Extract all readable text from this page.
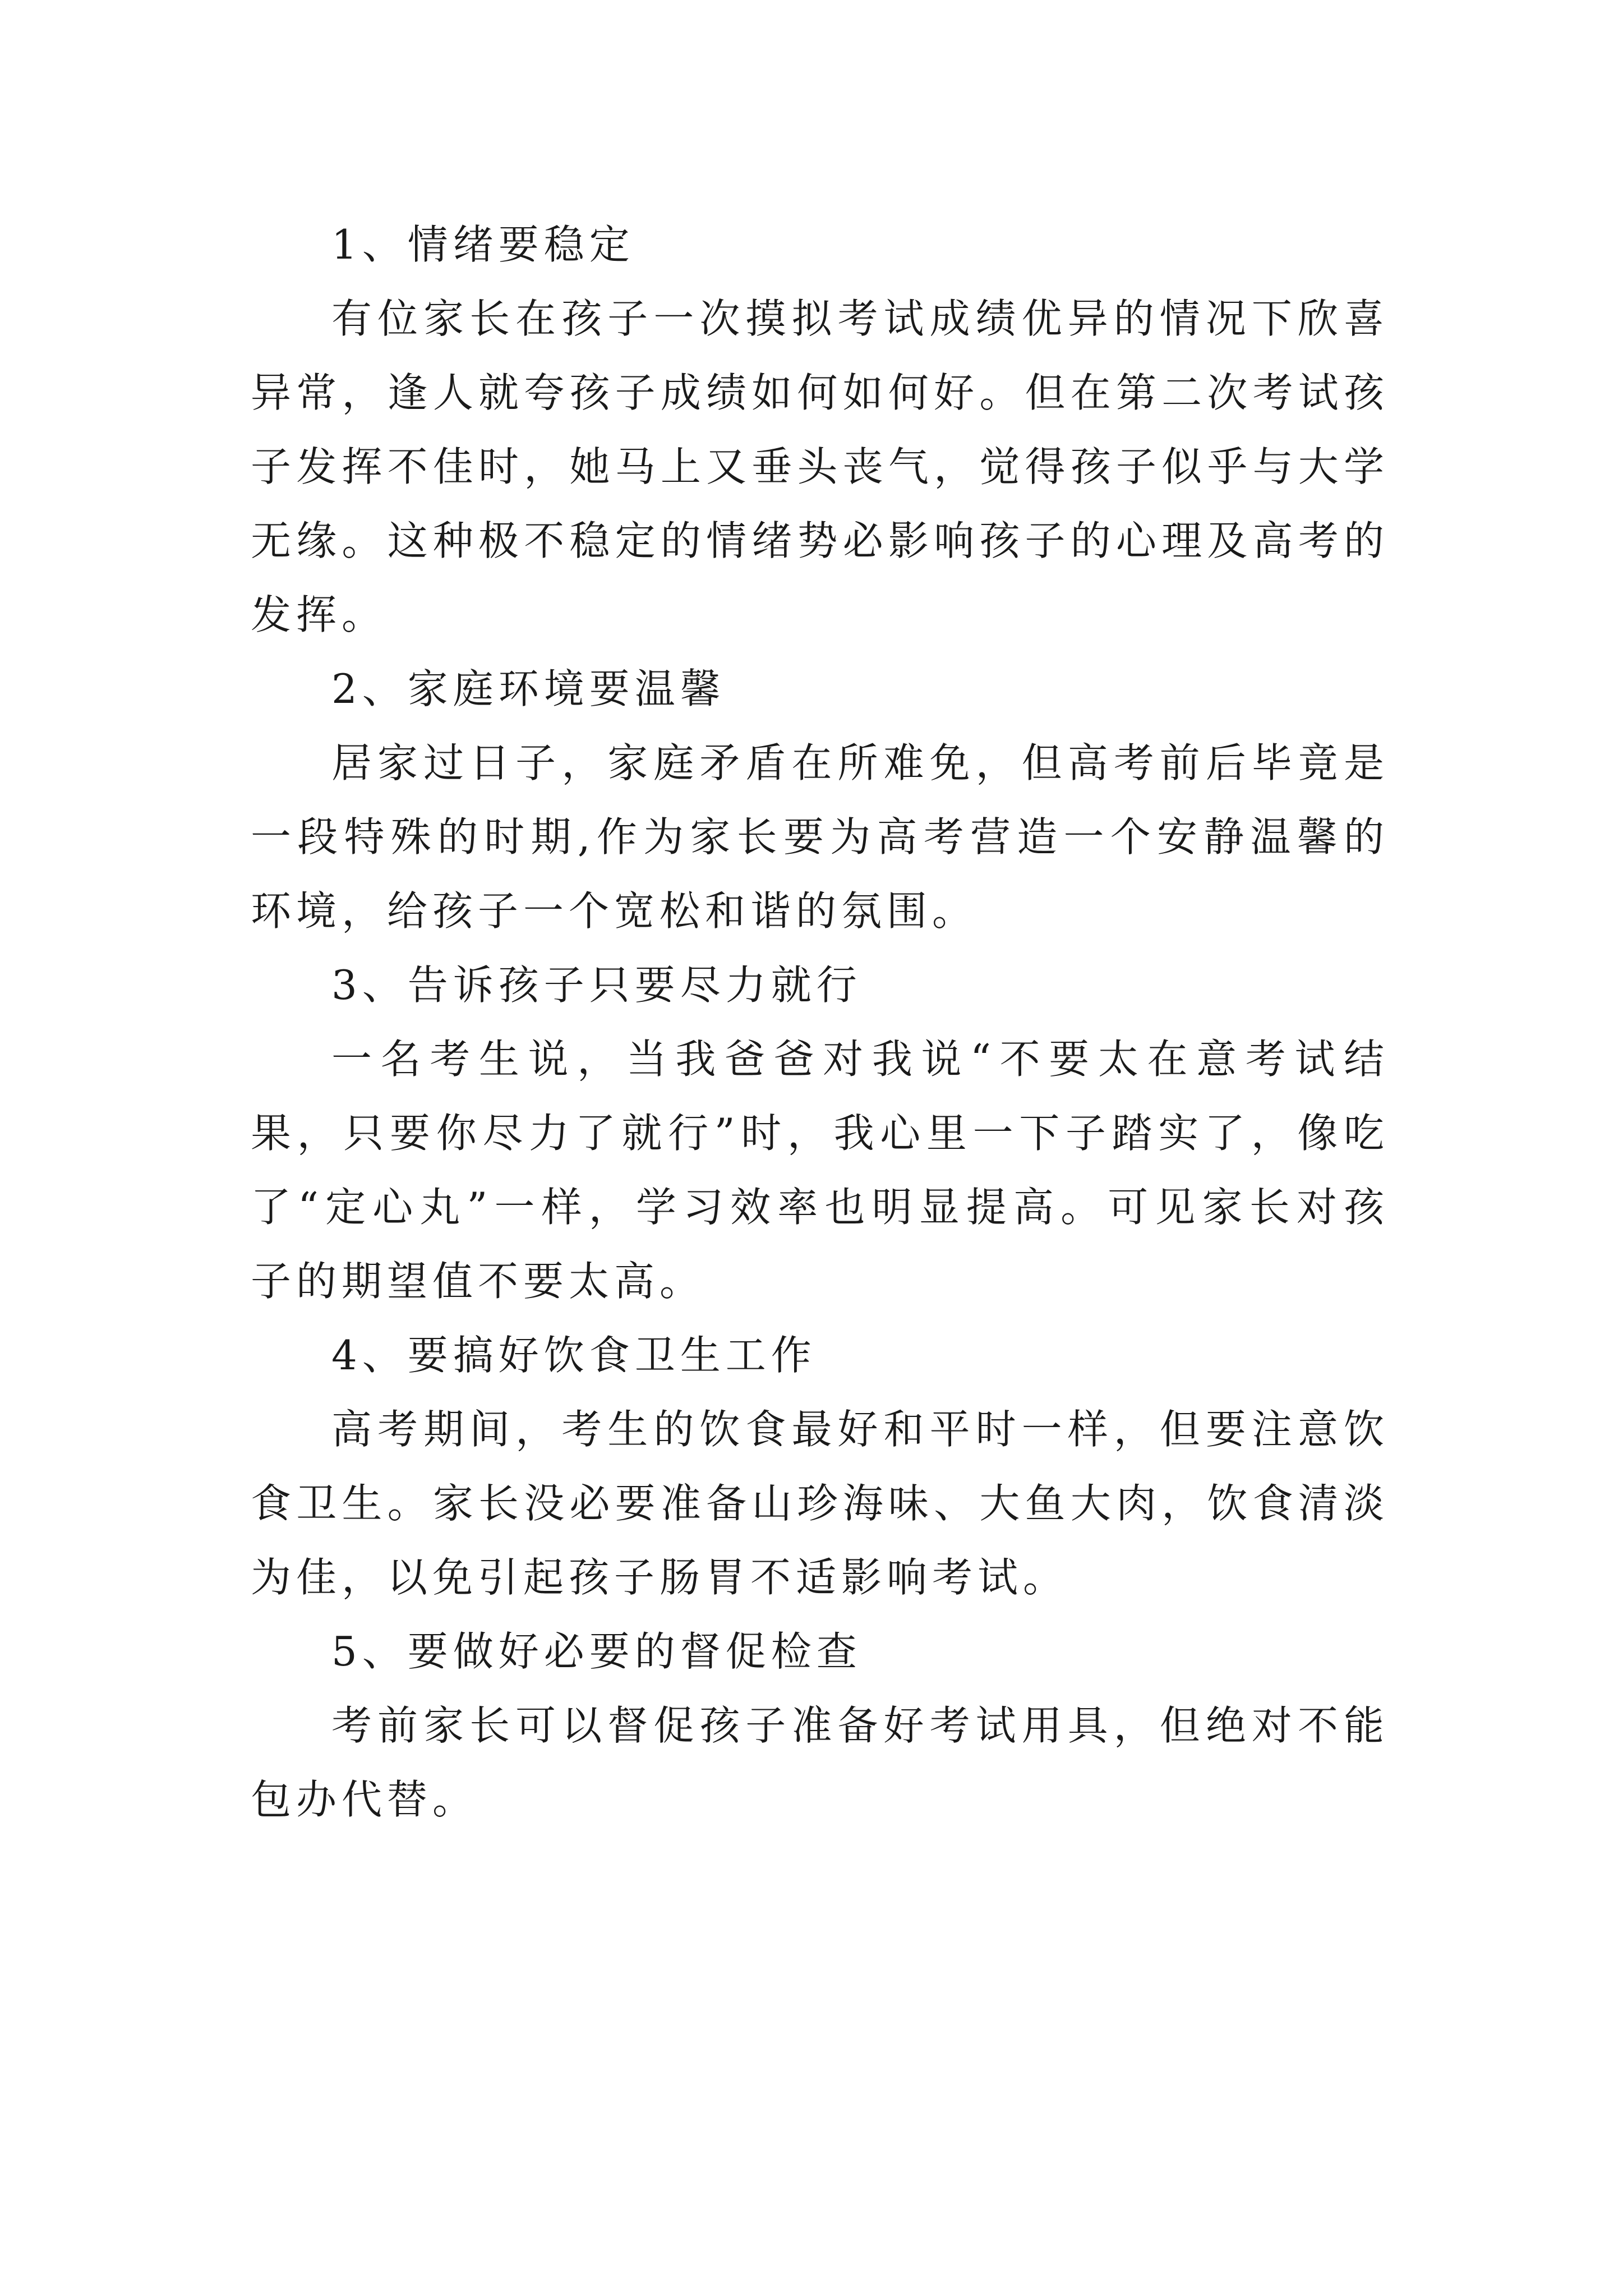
1、情绪要稳定

有位家长在孩子一次摸拟考试成绩优异的情况下欣喜异常，逢人就夸孩子成绩如何如何好。但在第二次考试孩子发挥不佳时，她马上又垂头丧气，觉得孩子似乎与大学无缘。这种极不稳定的情绪势必影响孩子的心理及高考的发挥。

2、家庭环境要温馨

居家过日子，家庭矛盾在所难免，但高考前后毕竟是一段特殊的时期,作为家长要为高考营造一个安静温馨的环境，给孩子一个宽松和谐的氛围。

3、告诉孩子只要尽力就行

一名考生说，当我爸爸对我说“不要太在意考试结果，只要你尽力了就行”时，我心里一下子踏实了，像吃了“定心丸”一样，学习效率也明显提高。可见家长对孩子的期望值不要太高。

4、要搞好饮食卫生工作

高考期间，考生的饮食最好和平时一样，但要注意饮食卫生。家长没必要准备山珍海味、大鱼大肉，饮食清淡为佳，以免引起孩子肠胃不适影响考试。

5、要做好必要的督促检查

考前家长可以督促孩子准备好考试用具，但绝对不能包办代替。
